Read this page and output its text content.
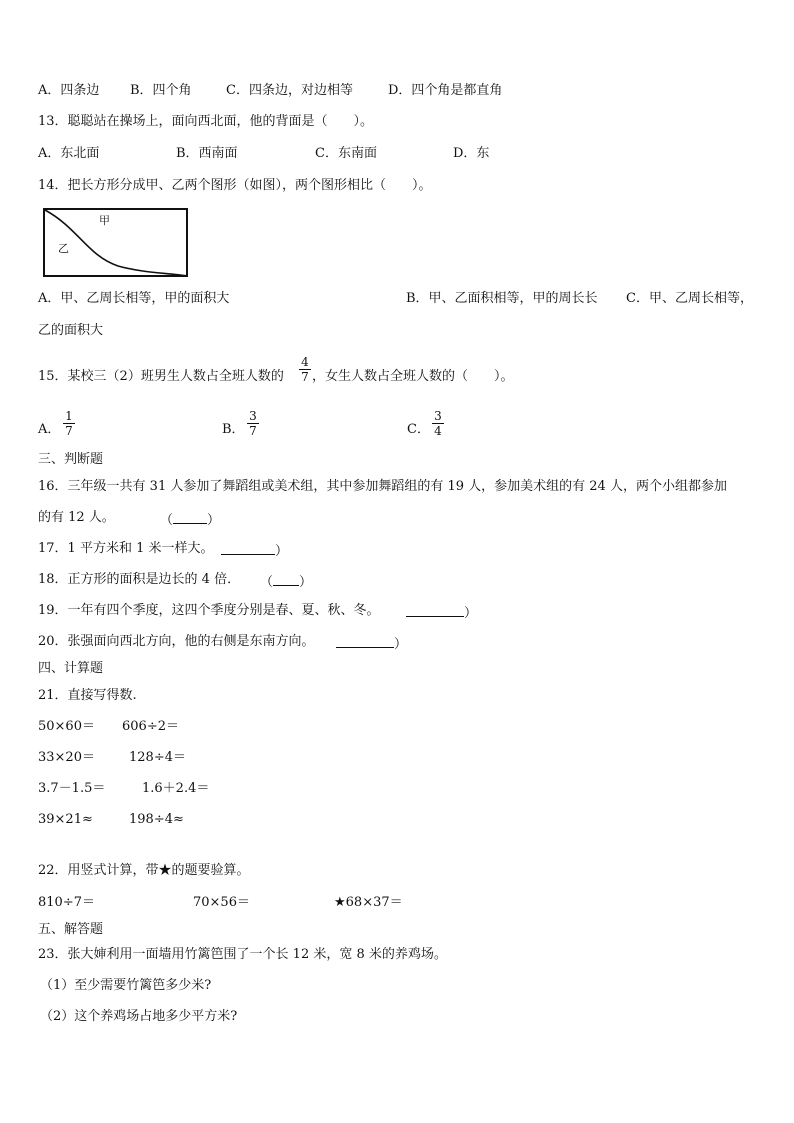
A．四条边 B．四个角	C．四条边，对边相等	D．四个角是都直角
13．聪聪站在操场上，面向西北面，他的背面是（　　）。
A．东北面	B．西南面	C．东南面	D．东
14．把长方形分成甲、乙两个图形（如图），两个图形相比（　　）。
甲
乙
A．甲、乙周长相等，甲的面积大	B．甲、乙面积相等，甲的周长长 C．甲、乙周长相等，
乙的面积大
15．某校三（2）班男生人数占全班人数的 $\frac{4}{7}$ ，女生人数占全班人数的（　　）。
A． $\frac{1}{7}$	B． $\frac{3}{7}$	C． $\frac{3}{4}$
三、判断题
16．三年级一共有 31 人参加了舞蹈组或美术组，其中参加舞蹈组的有 19 人，参加美术组的有 24 人，两个小组都参加
的有 12 人。	（	）
17．1 平方米和 1 米一样大。	）
18．正方形的面积是边长的 4 倍． （ ）
19．一年有四个季度，这四个季度分别是春、夏、秋、冬。	）
20．张强面向西北方向，他的右侧是东南方向。	）
四、计算题
21．直接写得数.
50×60＝ 606÷2＝
33×20＝	128÷4＝
3.7－1.5＝	1.6＋2.4＝
39×21≈	198÷4≈
22．用竖式计算，带★的题要验算。
810÷7＝	70×56＝	★68×37＝
五、解答题
23．张大婶利用一面墙用竹篱笆围了一个长 12 米，宽 8 米的养鸡场。
（1）至少需要竹篱笆多少米?
（2）这个养鸡场占地多少平方米?
